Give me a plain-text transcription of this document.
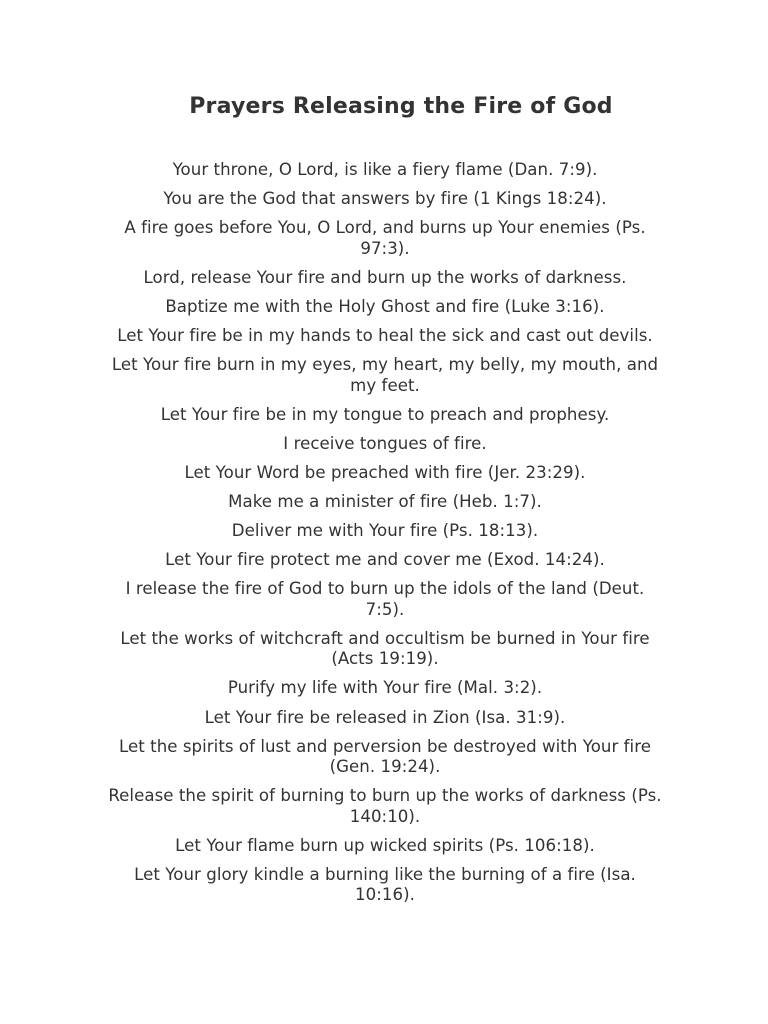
Prayers Releasing the Fire of God
Your throne, O Lord, is like a fiery flame (Dan. 7:9).
You are the God that answers by fire (1 Kings 18:24).
A fire goes before You, O Lord, and burns up Your enemies (Ps. 97:3).
Lord, release Your fire and burn up the works of darkness.
Baptize me with the Holy Ghost and fire (Luke 3:16).
Let Your fire be in my hands to heal the sick and cast out devils.
Let Your fire burn in my eyes, my heart, my belly, my mouth, and my feet.
Let Your fire be in my tongue to preach and prophesy.
I receive tongues of fire.
Let Your Word be preached with fire (Jer. 23:29).
Make me a minister of fire (Heb. 1:7).
Deliver me with Your fire (Ps. 18:13).
Let Your fire protect me and cover me (Exod. 14:24).
I release the fire of God to burn up the idols of the land (Deut. 7:5).
Let the works of witchcraft and occultism be burned in Your fire (Acts 19:19).
Purify my life with Your fire (Mal. 3:2).
Let Your fire be released in Zion (Isa. 31:9).
Let the spirits of lust and perversion be destroyed with Your fire (Gen. 19:24).
Release the spirit of burning to burn up the works of darkness (Ps. 140:10).
Let Your flame burn up wicked spirits (Ps. 106:18).
Let Your glory kindle a burning like the burning of a fire (Isa. 10:16).
